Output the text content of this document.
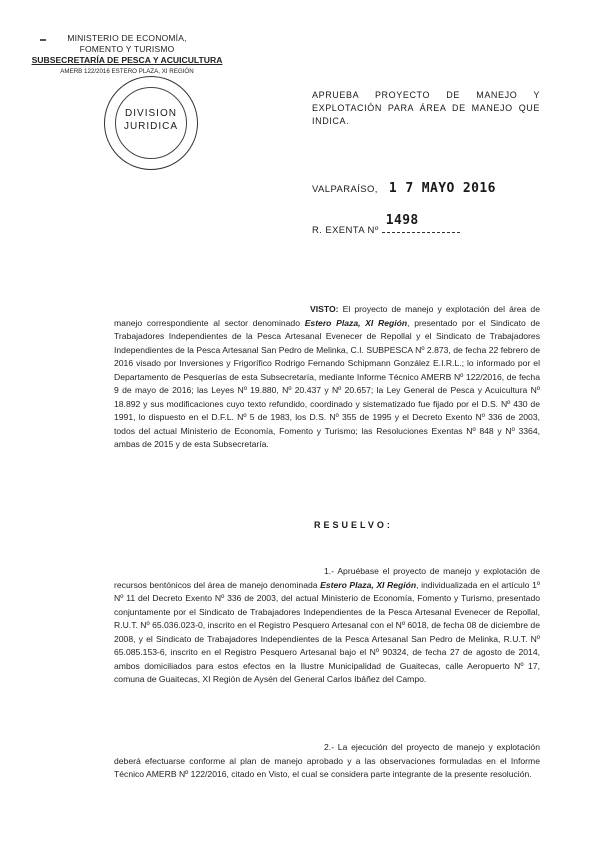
MINISTERIO DE ECONOMÍA,
FOMENTO Y TURISMO
SUBSECRETARÍA DE PESCA Y ACUICULTURA
AMERB 122/2016 ESTERO PLAZA, XI REGIÓN
DIVISION
JURIDICA
APRUEBA PROYECTO DE MANEJO Y EXPLOTACIÓN PARA ÁREA DE MANEJO QUE INDICA.
VALPARAÍSO, 1 7 MAYO 2016
R. EXENTA Nº
1498
VISTO: El proyecto de manejo y explotación del área de manejo correspondiente al sector denominado Estero Plaza, XI Región, presentado por el Sindicato de Trabajadores Independientes de la Pesca Artesanal Evenecer de Repollal y el Sindicato de Trabajadores Independientes de la Pesca Artesanal San Pedro de Melinka, C.I. SUBPESCA Nº 2.873, de fecha 22 febrero de 2016 visado por Inversiones y Frigorífico Rodrigo Fernando Schipmann González E.I.R.L.; lo informado por el Departamento de Pesquerías de esta Subsecretaría, mediante Informe Técnico AMERB Nº 122/2016, de fecha 9 de mayo de 2016; las Leyes Nº 19.880, Nº 20.437 y Nº 20.657; la Ley General de Pesca y Acuicultura Nº 18.892 y sus modificaciones cuyo texto refundido, coordinado y sistematizado fue fijado por el D.S. Nº 430 de 1991, lo dispuesto en el D.F.L. Nº 5 de 1983, los D.S. Nº 355 de 1995 y el Decreto Exento Nº 336 de 2003, todos del actual Ministerio de Economía, Fomento y Turismo; las Resoluciones Exentas Nº 848 y Nº 3364, ambas de 2015 y de esta Subsecretaría.
RESUELVO:
1.- Apruébase el proyecto de manejo y explotación de recursos bentónicos del área de manejo denominada Estero Plaza, XI Región, individualizada en el artículo 1º Nº 11 del Decreto Exento Nº 336 de 2003, del actual Ministerio de Economía, Fomento y Turismo, presentado conjuntamente por el Sindicato de Trabajadores Independientes de la Pesca Artesanal Evenecer de Repollal, R.U.T. Nº 65.036.023-0, inscrito en el Registro Pesquero Artesanal con el Nº 6018, de fecha 08 de diciembre de 2008, y el Sindicato de Trabajadores Independientes de la Pesca Artesanal San Pedro de Melinka, R.U.T. Nº 65.085.153-6, inscrito en el Registro Pesquero Artesanal bajo el Nº 90324, de fecha 27 de agosto de 2014, ambos domiciliados para estos efectos en la Ilustre Municipalidad de Guaitecas, calle Aeropuerto Nº 17, comuna de Guaitecas, XI Región de Aysén del General Carlos Ibáñez del Campo.
2.- La ejecución del proyecto de manejo y explotación deberá efectuarse conforme al plan de manejo aprobado y a las observaciones formuladas en el Informe Técnico AMERB Nº 122/2016, citado en Visto, el cual se considera parte integrante de la presente resolución.
